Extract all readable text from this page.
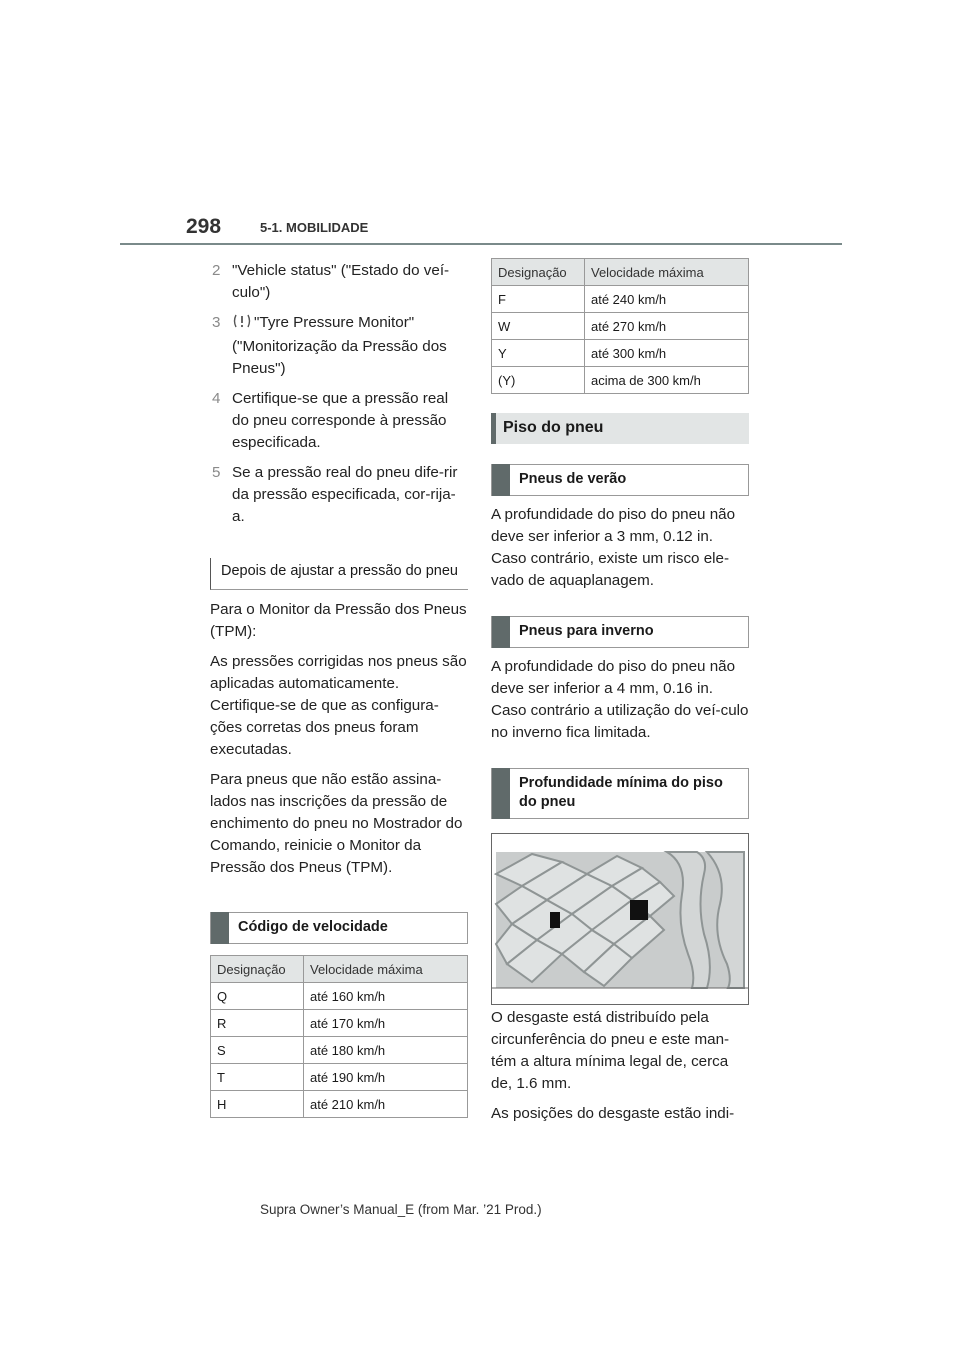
298	5-1. MOBILIDADE
2 "Vehicle status" ("Estado do veí-culo")
3 "Tyre Pressure Monitor" ("Monitorização da Pressão dos Pneus")
4 Certifique-se que a pressão real do pneu corresponde à pressão especificada.
5 Se a pressão real do pneu dife-rir da pressão especificada, cor-rija-a.
Depois de ajustar a pressão do pneu

Para o Monitor da Pressão dos Pneus (TPM):

As pressões corrigidas nos pneus são aplicadas automaticamente. Certifique-se de que as configura-ções corretas dos pneus foram executadas.

Para pneus que não estão assina-lados nas inscrições da pressão de enchimento do pneu no Mostrador do Comando, reinicie o Monitor da Pressão dos Pneus (TPM).

Código de velocidade
Designação	Velocidade máxima
Q	até 160 km/h
R	até 170 km/h
S	até 180 km/h
T	até 190 km/h
H	até 210 km/h
Designação	Velocidade máxima
F	até 240 km/h
W	até 270 km/h
Y	até 300 km/h
(Y)	acima de 300 km/h
Piso do pneu
Pneus de verão

A profundidade do piso do pneu não deve ser inferior a 3 mm, 0.12 in. Caso contrário, existe um risco ele-vado de aquaplanagem.

Pneus para inverno

A profundidade do piso do pneu não deve ser inferior a 4 mm, 0.16 in. Caso contrário a utilização do veí-culo no inverno fica limitada.

Profundidade mínima do piso do pneu

O desgaste está distribuído pela circunferência do pneu e este man-tém a altura mínima legal de, cerca de, 1.6 mm.

As posições do desgaste estão indi-

Supra Owner’s Manual_E (from Mar. ’21 Prod.)
